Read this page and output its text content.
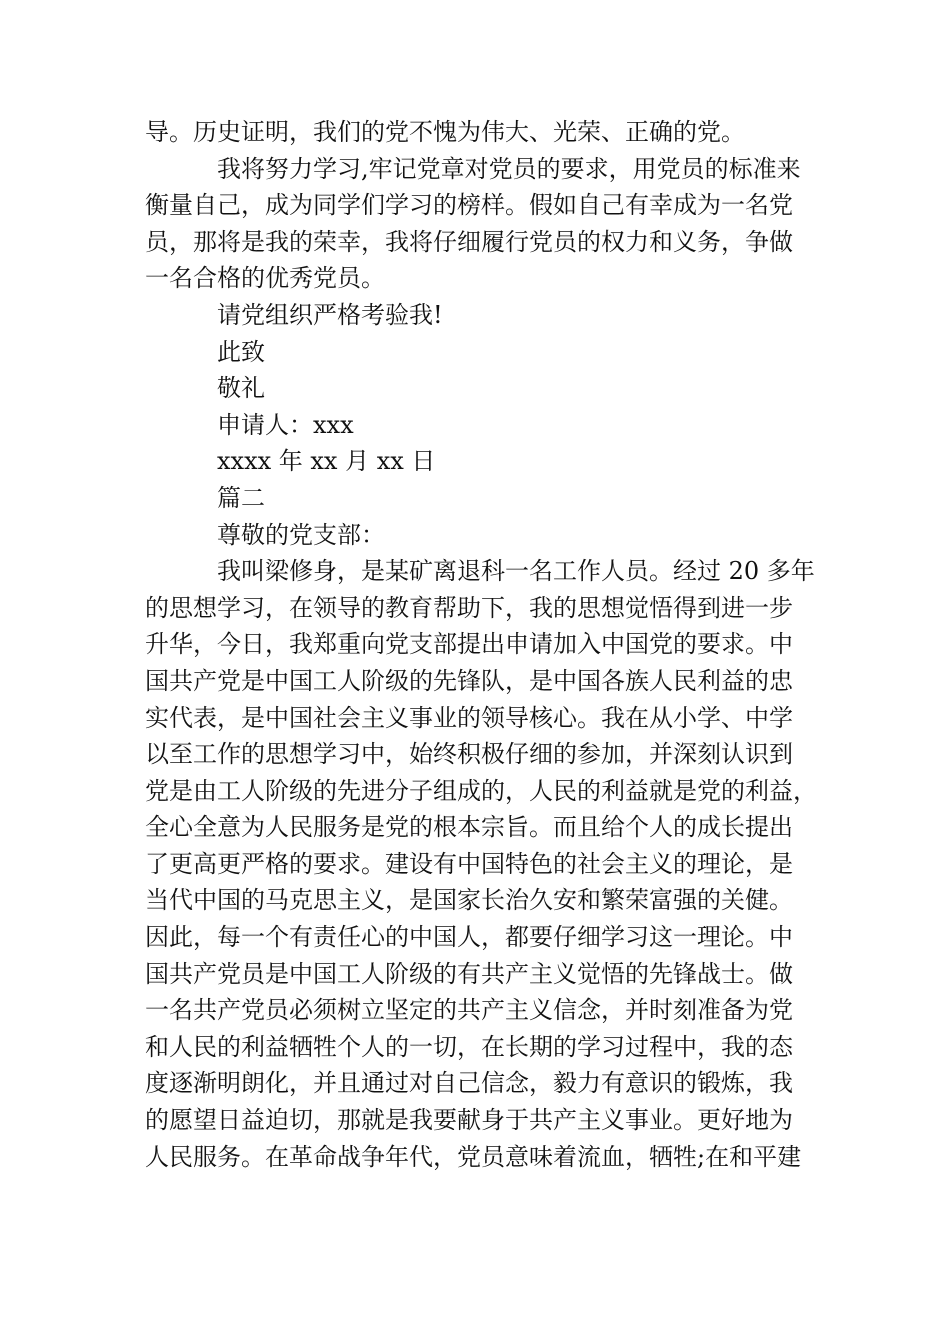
导。历史证明，我们的党不愧为伟大、光荣、正确的党。
我将努力学习,牢记党章对党员的要求，用党员的标准来
衡量自己，成为同学们学习的榜样。假如自己有幸成为一名党
员，那将是我的荣幸，我将仔细履行党员的权力和义务，争做
一名合格的优秀党员。
请党组织严格考验我!
此致
敬礼
申请人：xxx
xxxx 年 xx 月 xx 日
篇二
尊敬的党支部：
我叫梁修身，是某矿离退科一名工作人员。经过 20 多年
的思想学习，在领导的教育帮助下，我的思想觉悟得到进一步
升华，今日，我郑重向党支部提出申请加入中国党的要求。中
国共产党是中国工人阶级的先锋队，是中国各族人民利益的忠
实代表，是中国社会主义事业的领导核心。我在从小学、中学
以至工作的思想学习中，始终积极仔细的参加，并深刻认识到
党是由工人阶级的先进分子组成的，人民的利益就是党的利益，
全心全意为人民服务是党的根本宗旨。而且给个人的成长提出
了更高更严格的要求。建设有中国特色的社会主义的理论，是
当代中国的马克思主义，是国家长治久安和繁荣富强的关健。
因此，每一个有责任心的中国人，都要仔细学习这一理论。中
国共产党员是中国工人阶级的有共产主义觉悟的先锋战士。做
一名共产党员必须树立坚定的共产主义信念，并时刻准备为党
和人民的利益牺牲个人的一切，在长期的学习过程中，我的态
度逐渐明朗化，并且通过对自己信念，毅力有意识的锻炼，我
的愿望日益迫切，那就是我要献身于共产主义事业。更好地为
人民服务。在革命战争年代，党员意味着流血，牺牲;在和平建
